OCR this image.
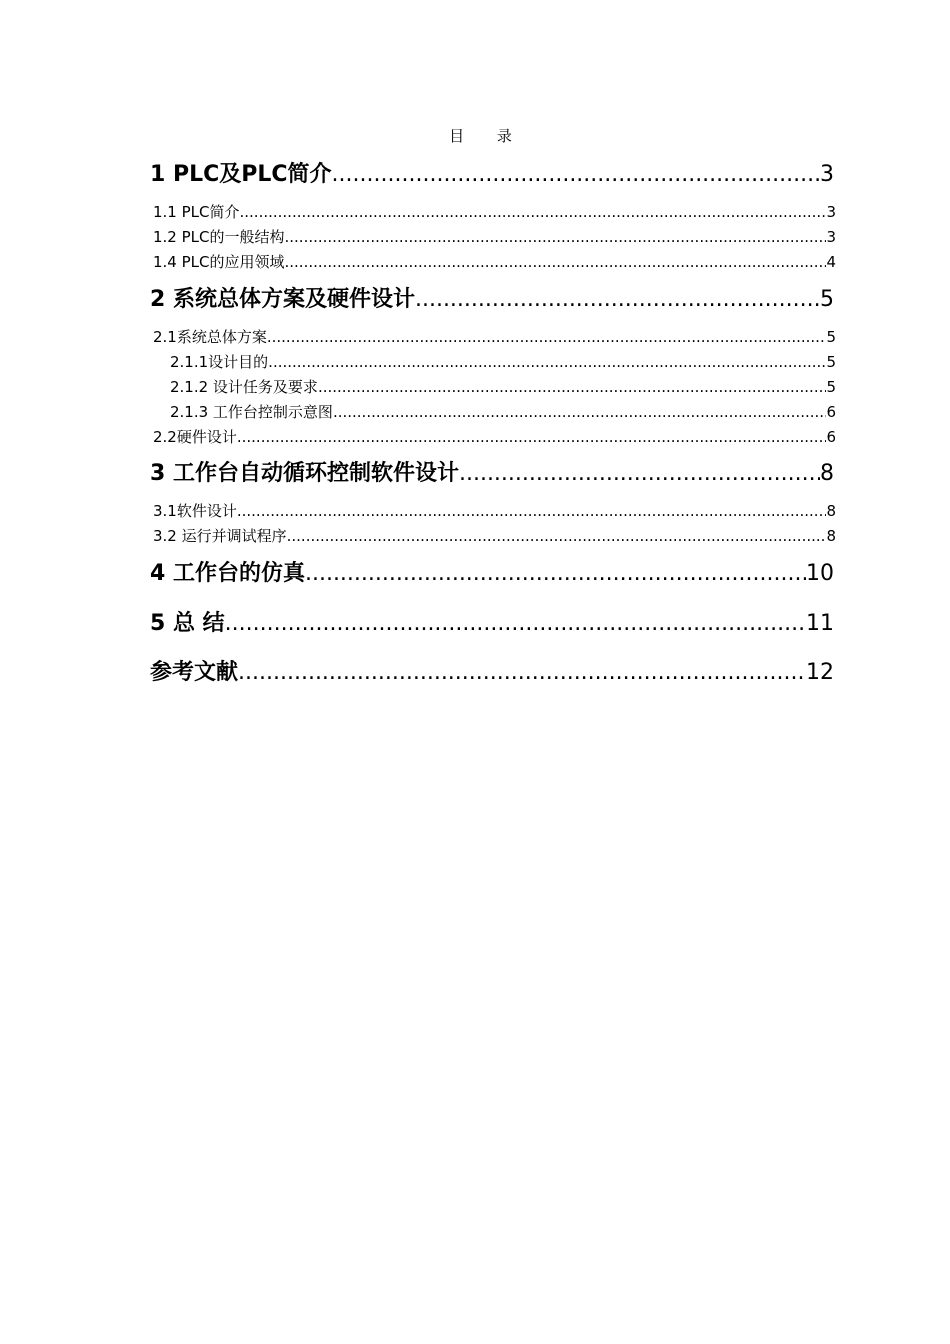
目 录
1 PLC及PLC简介 .....	3
1.1 PLC简介 .....	3
1.2 PLC的一般结构 .....	3
1.4 PLC的应用领域 .....	4
2 系统总体方案及硬件设计 .....	5
2.1系统总体方案 .....	5
2.1.1设计目的 .....	5
2.1.2 设计任务及要求 .....	5
2.1.3 工作台控制示意图 .....	6
2.2硬件设计 .....	6
3 工作台自动循环控制软件设计 .....	8
3.1软件设计 .....	8
3.2 运行并调试程序 .....	8
4 工作台的仿真 .....	10
5 总 结 .....	11
参考文献 .....	12
